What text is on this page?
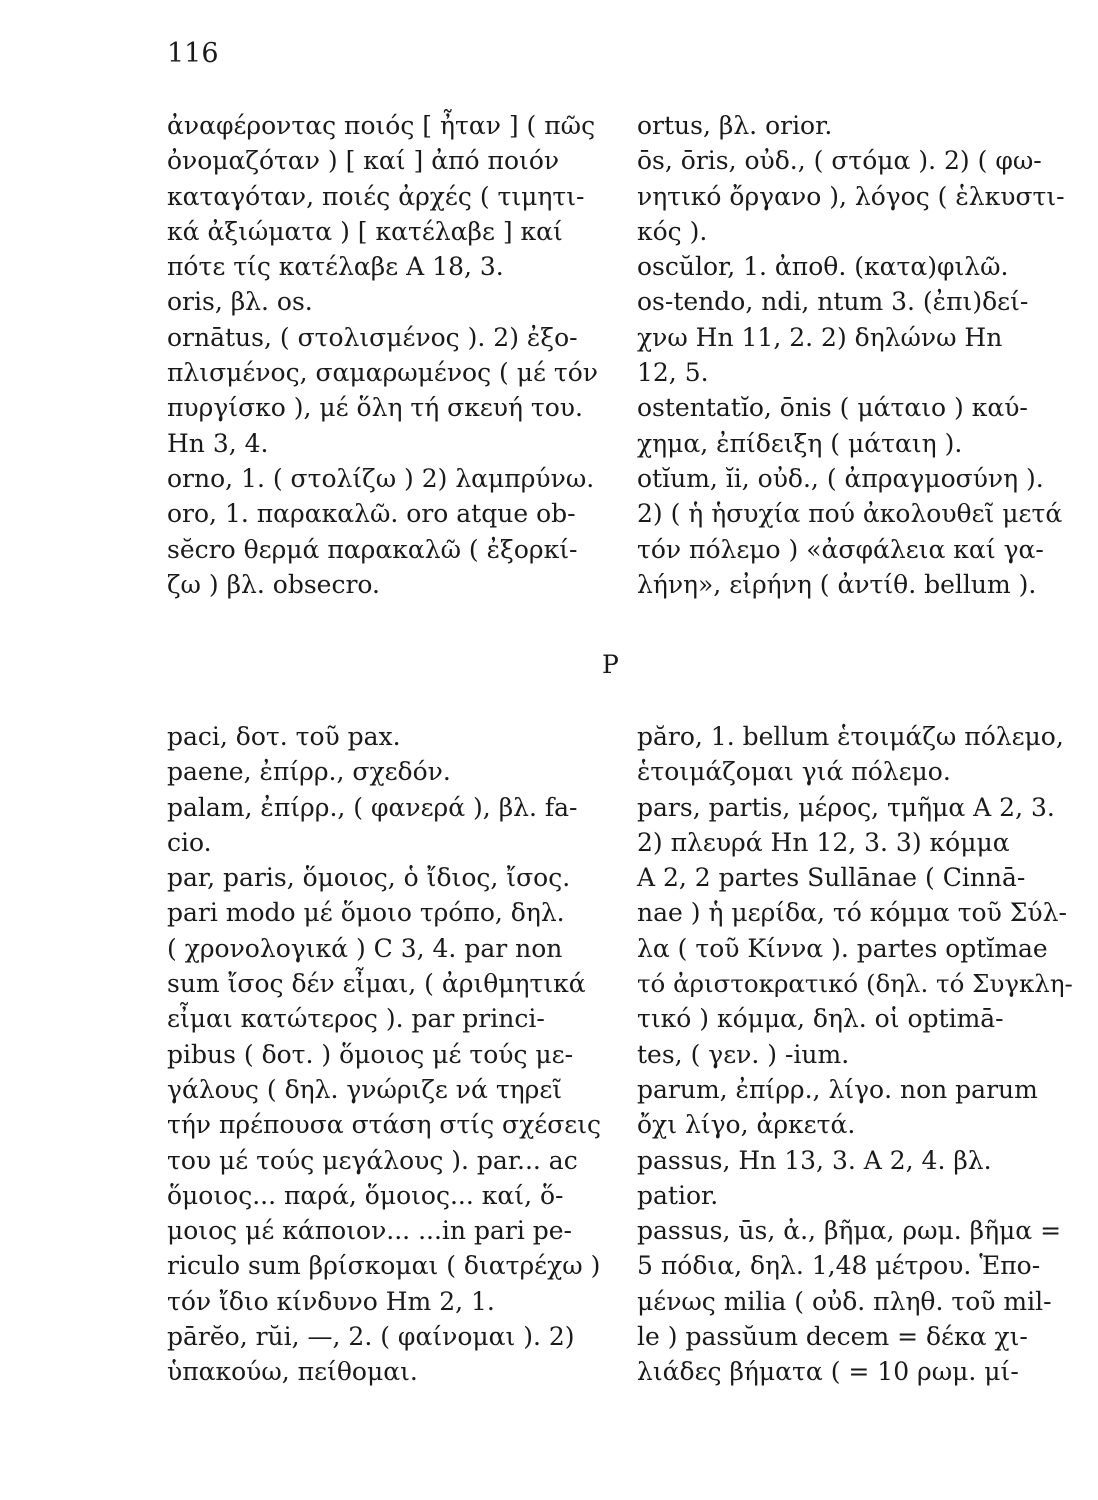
116
ἀναφέροντας ποιός [ ἦταν ] ( πῶς
ὀνομαζόταν ) [ καί ] ἀπό ποιόν
καταγόταν, ποιές ἀρχές ( τιμητι-
κά ἀξιώματα ) [ κατέλαβε ] καί
πότε τίς κατέλαβε Α 18, 3.
oris, βλ. os.
ornātus, ( στολισμένος ). 2) ἐξο-
πλισμένος, σαμαρωμένος ( μέ τόν
πυργίσκο ), μέ ὅλη τή σκευή του.
Hn 3, 4.
orno, 1. ( στολίζω ) 2) λαμπρύνω.
oro, 1. παρακαλῶ. oro atque ob-
sĕcro θερμά παρακαλῶ ( ἐξορκί-
ζω ) βλ. obsecro.
ortus, βλ. orior.
ōs, ōris, οὐδ., ( στόμα ). 2) ( φω-
νητικό ὄργανο ), λόγος ( ἑλκυστι-
κός ).
oscŭlor, 1. ἀποθ. (κατα)φιλῶ.
os-tendo, ndi, ntum 3. (ἐπι)δεί-
χνω Hn 11, 2. 2) δηλώνω Hn
12, 5.
ostentatĭo, ōnis ( μάταιο ) καύ-
χημα, ἐπίδειξη ( μάταιη ).
otĭum, ĭi, οὐδ., ( ἀπραγμοσύνη ).
2) ( ἡ ἡσυχία πού ἀκολουθεῖ μετά
τόν πόλεμο ) «ἀσφάλεια καί γα-
λήνη», εἰρήνη ( ἀντίθ. bellum ).
P
paci, δοτ. τοῦ pax.
paene, ἐπίρρ., σχεδόν.
palam, ἐπίρρ., ( φανερά ), βλ. fa-
cio.
par, paris, ὅμοιος, ὁ ἴδιος, ἴσος.
pari modo μέ ὅμοιο τρόπο, δηλ.
( χρονολογικά ) C 3, 4. par non
sum ἴσος δέν εἶμαι, ( ἀριθμητικά
εἶμαι κατώτερος ). par princi-
pibus ( δοτ. ) ὅμοιος μέ τούς με-
γάλους ( δηλ. γνώριζε νά τηρεῖ
τήν πρέπουσα στάση στίς σχέσεις
του μέ τούς μεγάλους ). par... ac
ὅμοιος... παρά, ὅμοιος... καί, ὅ-
μοιος μέ κάποιον... ...in pari pe-
riculo sum βρίσκομαι ( διατρέχω )
τόν ἴδιο κίνδυνο Hm 2, 1.
pārĕo, rŭi, —, 2. ( φαίνομαι ). 2)
ὑπακούω, πείθομαι.
păro, 1. bellum ἑτοιμάζω πόλεμο,
ἑτοιμάζομαι γιά πόλεμο.
pars, partis, μέρος, τμῆμα Α 2, 3.
2) πλευρά Hn 12, 3. 3) κόμμα
Α 2, 2 partes Sullānae ( Cinnā-
nae ) ἡ μερίδα, τό κόμμα τοῦ Σύλ-
λα ( τοῦ Κίννα ). partes optĭmae
τό ἀριστοκρατικό (δηλ. τό Συγκλη-
τικό ) κόμμα, δηλ. οἱ optimā-
tes, ( γεν. ) -ium.
parum, ἐπίρρ., λίγο. non parum
ὄχι λίγο, ἀρκετά.
passus, Hn 13, 3. Α 2, 4. βλ.
patior.
passus, ūs, ἀ., βῆμα, ρωμ. βῆμα =
5 πόδια, δηλ. 1,48 μέτρου. Ἑπο-
μένως milia ( οὐδ. πληθ. τοῦ mil-
le ) passŭum decem = δέκα χι-
λιάδες βήματα ( = 10 ρωμ. μί-
